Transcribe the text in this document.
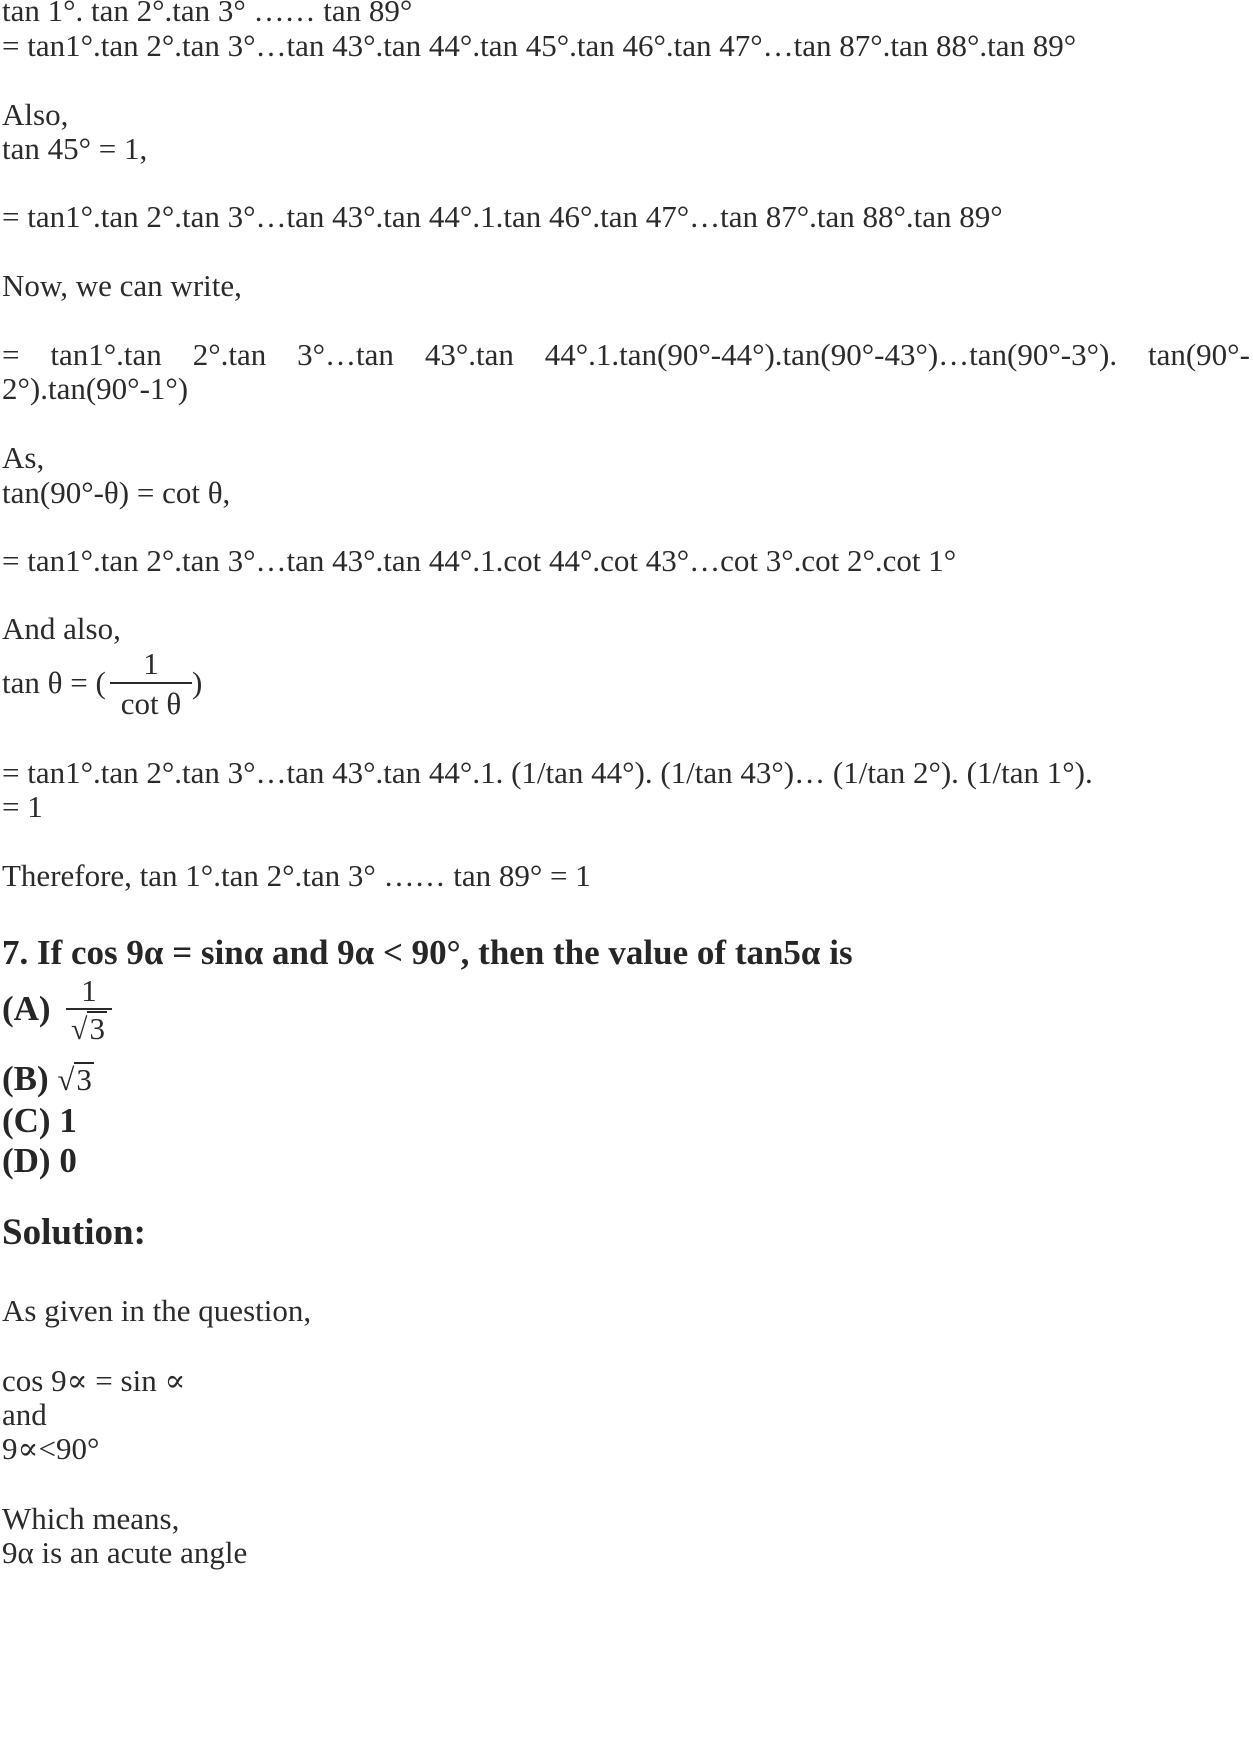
tan 1°. tan 2°.tan 3° …… tan 89°
= tan1°.tan 2°.tan 3°…tan 43°.tan 44°.tan 45°.tan 46°.tan 47°…tan 87°.tan 88°.tan 89°
Also,
tan 45° = 1,
= tan1°.tan 2°.tan 3°…tan 43°.tan 44°.1.tan 46°.tan 47°…tan 87°.tan 88°.tan 89°
Now, we can write,
= tan1°.tan 2°.tan 3°…tan 43°.tan 44°.1.tan(90°-44°).tan(90°-43°)…tan(90°-3°). tan(90°-
2°).tan(90°-1°)
As,
tan(90°-θ) = cot θ,
= tan1°.tan 2°.tan 3°…tan 43°.tan 44°.1.cot 44°.cot 43°…cot 3°.cot 2°.cot 1°
And also,
tan θ = (
1
cot θ
)
= tan1°.tan 2°.tan 3°…tan 43°.tan 44°.1. (1/tan 44°). (1/tan 43°)… (1/tan 2°). (1/tan 1°).
= 1
Therefore, tan 1°.tan 2°.tan 3° …… tan 89° = 1
7. If cos 9α = sinα and 9α < 90°, then the value of tan5α is
(A) 1
√3
(B) √3
(C) 1
(D) 0
Solution:
As given in the question,
cos 9∝ = sin ∝
and
9∝<90°
Which means,
9α is an acute angle
